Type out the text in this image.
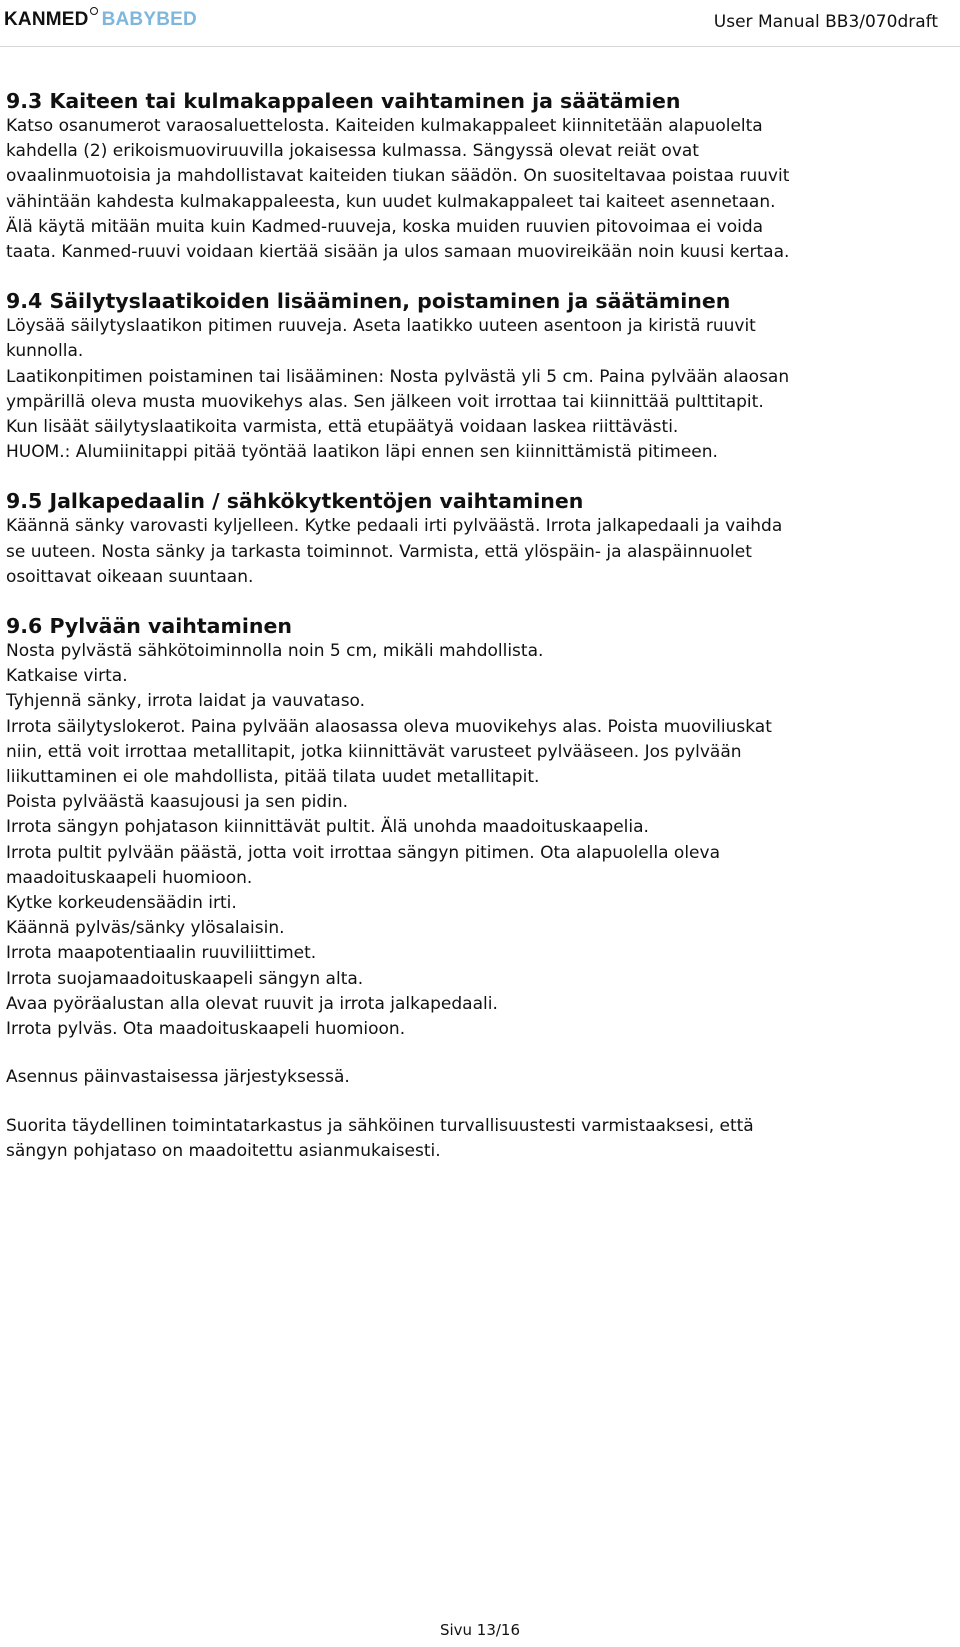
KANMED BABYBED	User Manual BB3/070draft
9.3 Kaiteen tai kulmakappaleen vaihtaminen ja säätämien
Katso osanumerot varaosaluettelosta. Kaiteiden kulmakappaleet kiinnitetään alapuolelta
kahdella (2) erikoismuoviruuvilla jokaisessa kulmassa. Sängyssä olevat reiät ovat
ovaalinmuotoisia ja mahdollistavat kaiteiden tiukan säädön. On suositeltavaa poistaa ruuvit
vähintään kahdesta kulmakappaleesta, kun uudet kulmakappaleet tai kaiteet asennetaan.
Älä käytä mitään muita kuin Kadmed-ruuveja, koska muiden ruuvien pitovoimaa ei voida
taata. Kanmed-ruuvi voidaan kiertää sisään ja ulos samaan muovireikään noin kuusi kertaa.
9.4 Säilytyslaatikoiden lisääminen, poistaminen ja säätäminen
Löysää säilytyslaatikon pitimen ruuveja. Aseta laatikko uuteen asentoon ja kiristä ruuvit
kunnolla.
Laatikonpitimen poistaminen tai lisääminen: Nosta pylvästä yli 5 cm. Paina pylvään alaosan
ympärillä oleva musta muovikehys alas. Sen jälkeen voit irrottaa tai kiinnittää pulttitapit.
Kun lisäät säilytyslaatikoita varmista, että etupäätyä voidaan laskea riittävästi.
HUOM.: Alumiinitappi pitää työntää laatikon läpi ennen sen kiinnittämistä pitimeen.
9.5 Jalkapedaalin / sähkökytkentöjen vaihtaminen
Käännä sänky varovasti kyljelleen. Kytke pedaali irti pylväästä. Irrota jalkapedaali ja vaihda
se uuteen. Nosta sänky ja tarkasta toiminnot. Varmista, että ylöspäin- ja alaspäinnuolet
osoittavat oikeaan suuntaan.
9.6 Pylvään vaihtaminen
Nosta pylvästä sähkötoiminnolla noin 5 cm, mikäli mahdollista.
Katkaise virta.
Tyhjennä sänky, irrota laidat ja vauvataso.
Irrota säilytyslokerot. Paina pylvään alaosassa oleva muovikehys alas. Poista muoviliuskat
niin, että voit irrottaa metallitapit, jotka kiinnittävät varusteet pylvääseen. Jos pylvään
liikuttaminen ei ole mahdollista, pitää tilata uudet metallitapit.
Poista pylväästä kaasujousi ja sen pidin.
Irrota sängyn pohjatason kiinnittävät pultit. Älä unohda maadoituskaapelia.
Irrota pultit pylvään päästä, jotta voit irrottaa sängyn pitimen. Ota alapuolella oleva
maadoituskaapeli huomioon.
Kytke korkeudensäädin irti.
Käännä pylväs/sänky ylösalaisin.
Irrota maapotentiaalin ruuviliittimet.
Irrota suojamaadoituskaapeli sängyn alta.
Avaa pyöräalustan alla olevat ruuvit ja irrota jalkapedaali.
Irrota pylväs. Ota maadoituskaapeli huomioon.
Asennus päinvastaisessa järjestyksessä.
Suorita täydellinen toimintatarkastus ja sähköinen turvallisuustesti varmistaaksesi, että
sängyn pohjataso on maadoitettu asianmukaisesti.
Sivu 13/16
